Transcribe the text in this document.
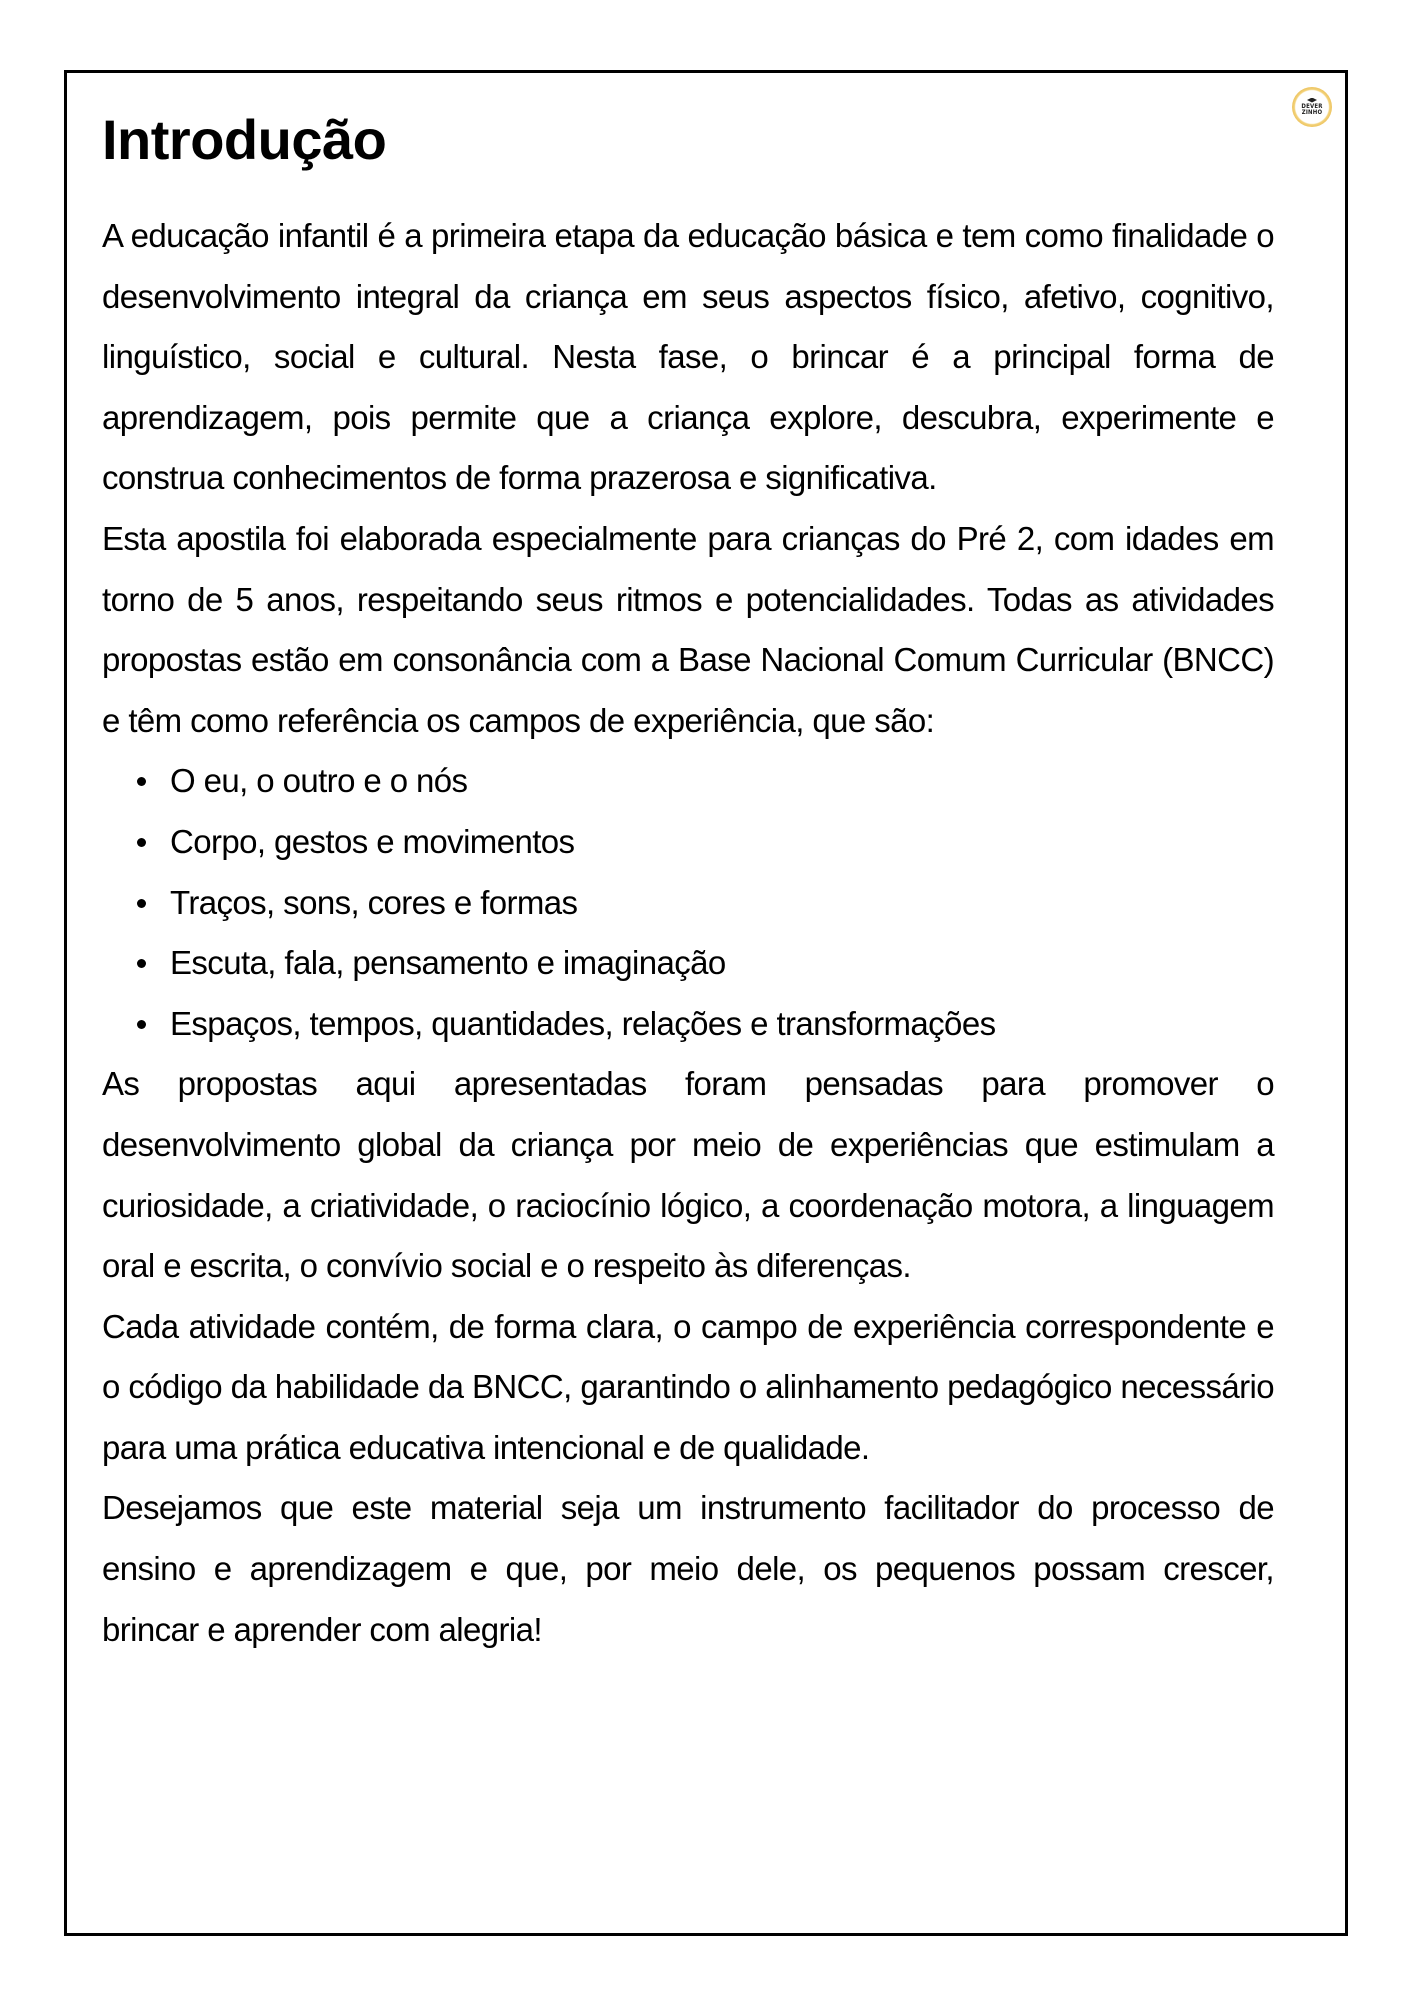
DEVER
ZINHO
Introdução

A educação infantil é a primeira etapa da educação básica e tem como finalidade o desenvolvimento integral da criança em seus aspectos físico, afetivo, cognitivo, linguístico, social e cultural. Nesta fase, o brincar é a principal forma de aprendizagem, pois permite que a criança explore, descubra, experimente e construa conhecimentos de forma prazerosa e significativa.

Esta apostila foi elaborada especialmente para crianças do Pré 2, com idades em torno de 5 anos, respeitando seus ritmos e potencialidades. Todas as atividades propostas estão em consonância com a Base Nacional Comum Curricular (BNCC) e têm como referência os campos de experiência, que são:

O eu, o outro e o nós
Corpo, gestos e movimentos
Traços, sons, cores e formas
Escuta, fala, pensamento e imaginação
Espaços, tempos, quantidades, relações e transformações

As propostas aqui apresentadas foram pensadas para promover o desenvolvimento global da criança por meio de experiências que estimulam a curiosidade, a criatividade, o raciocínio lógico, a coordenação motora, a linguagem oral e escrita, o convívio social e o respeito às diferenças.

Cada atividade contém, de forma clara, o campo de experiência correspondente e o código da habilidade da BNCC, garantindo o alinhamento pedagógico necessário para uma prática educativa intencional e de qualidade.

Desejamos que este material seja um instrumento facilitador do processo de ensino e aprendizagem e que, por meio dele, os pequenos possam crescer, brincar e aprender com alegria!
